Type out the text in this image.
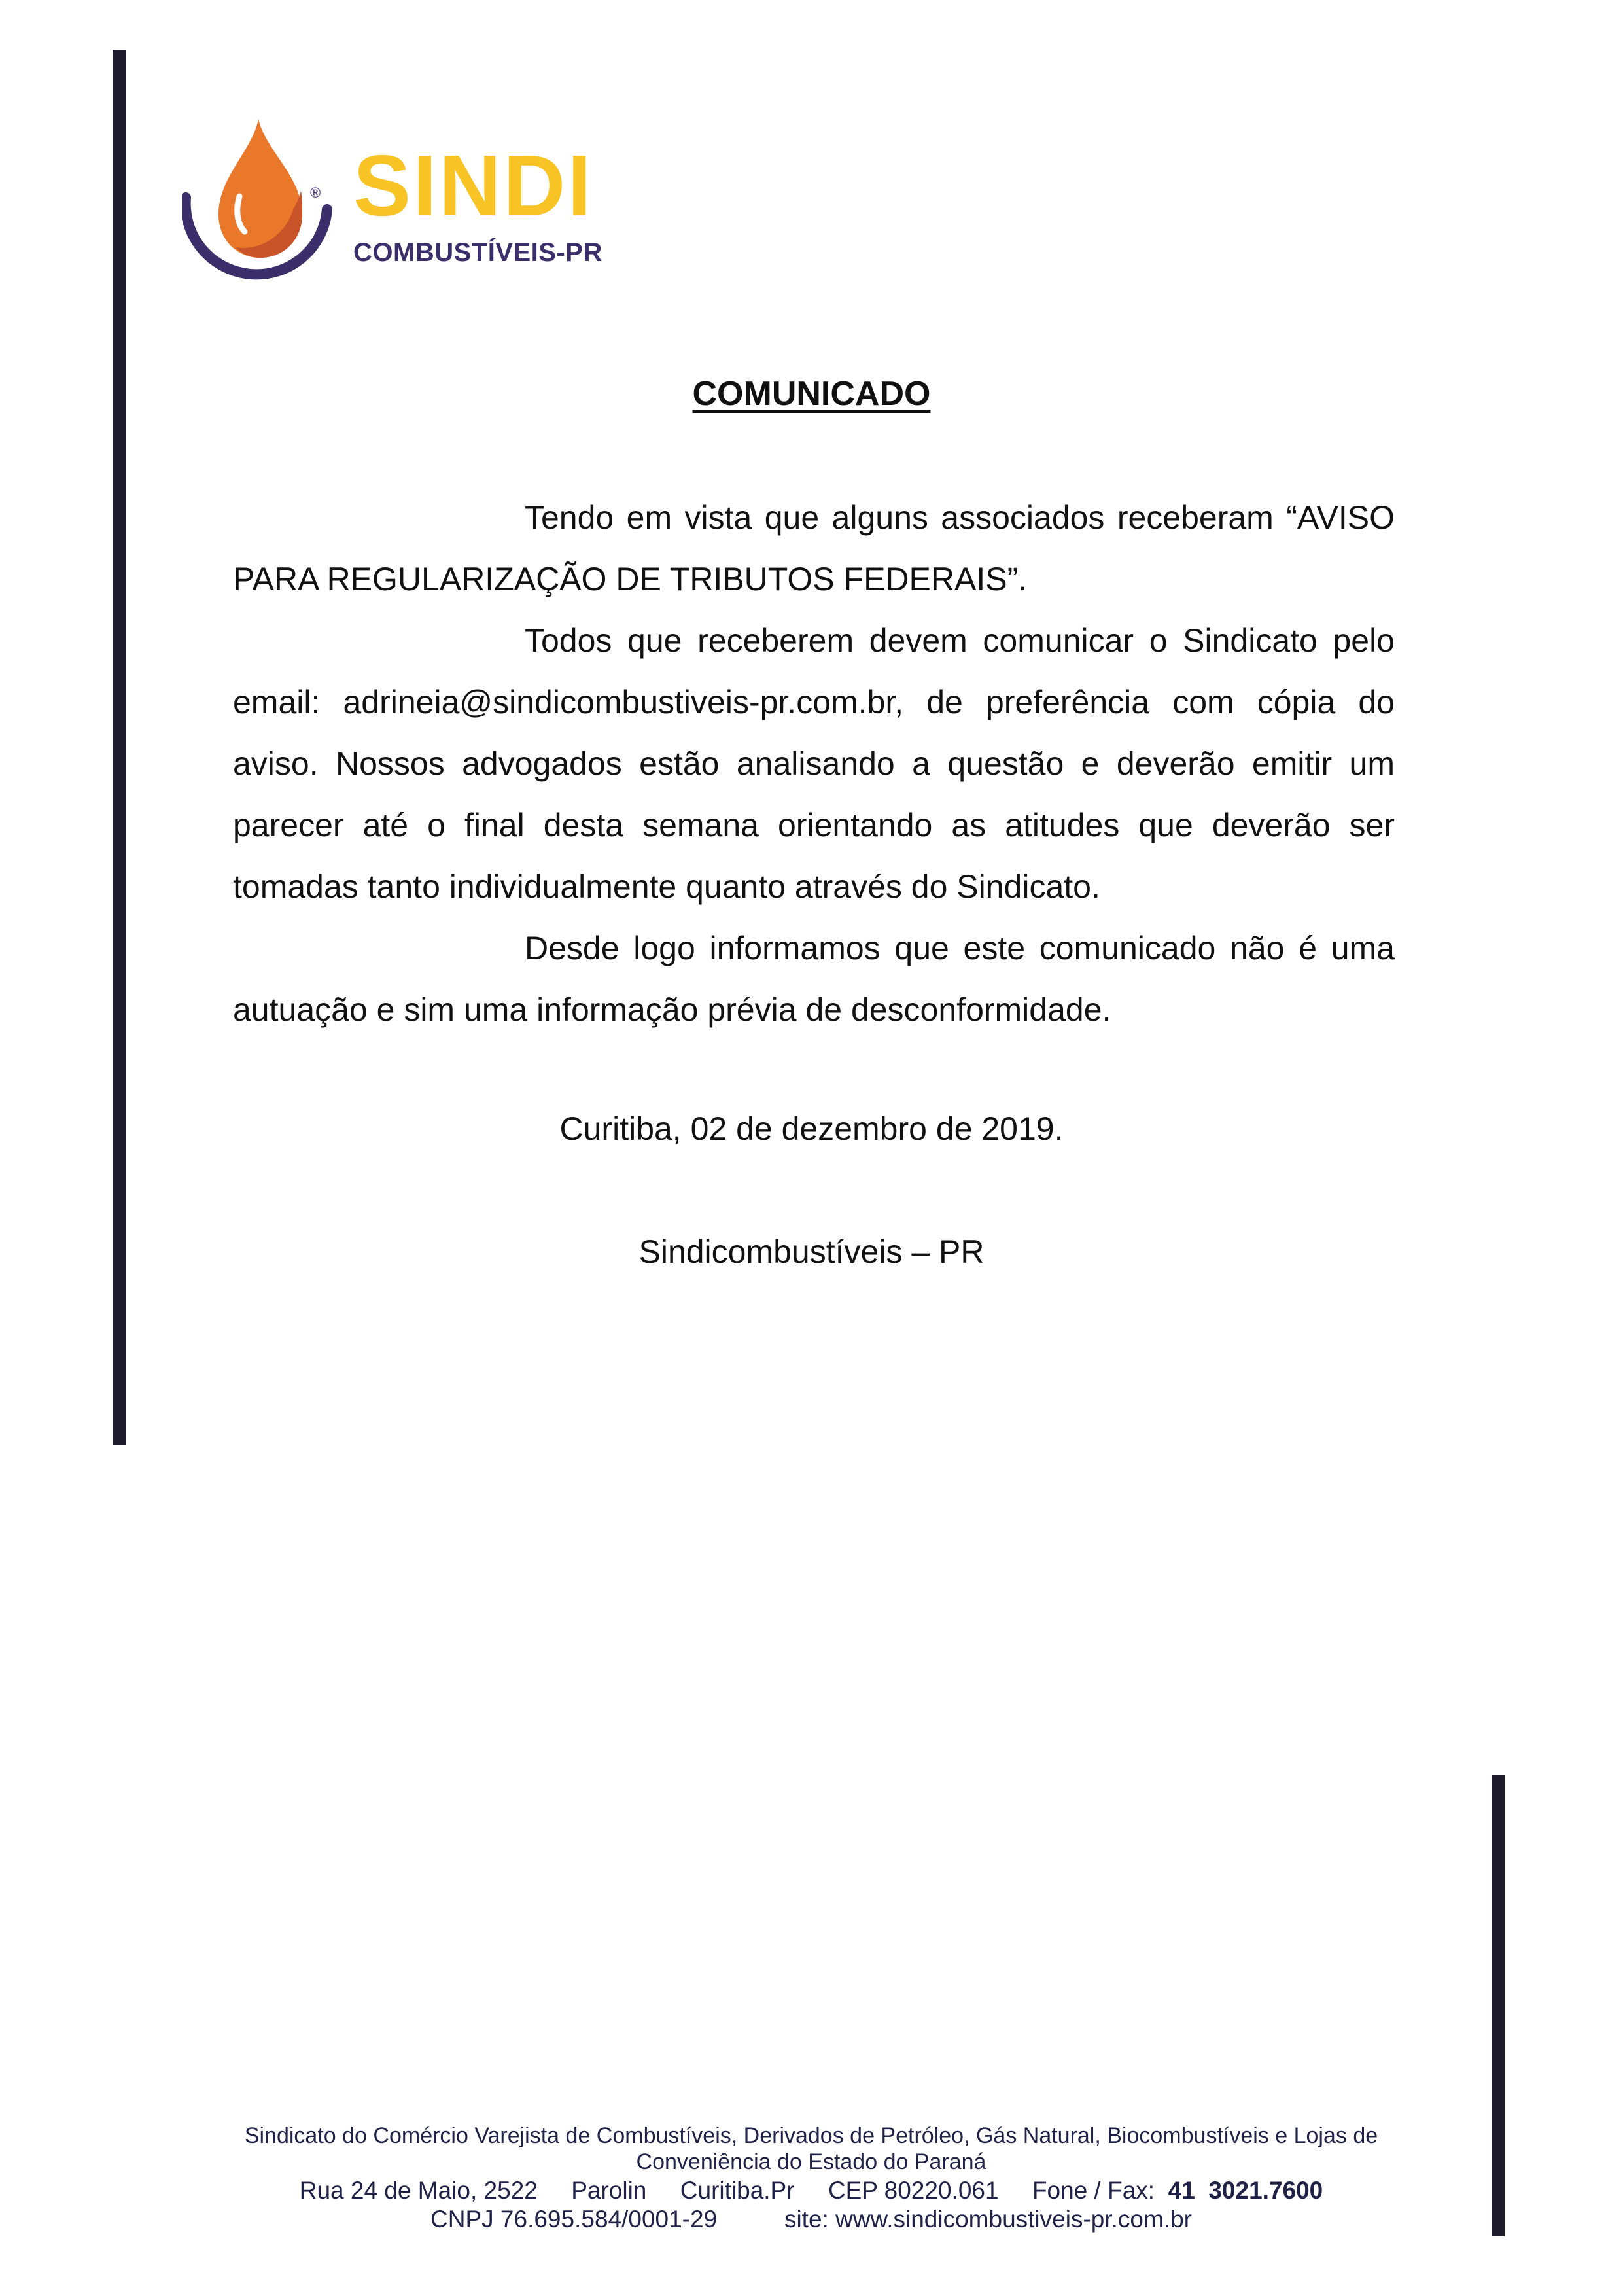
® SINDI
COMBUSTÍVEIS-PR
COMUNICADO

Tendo em vista que alguns associados receberam “AVISO PARA REGULARIZAÇÃO DE TRIBUTOS FEDERAIS”.

Todos que receberem devem comunicar o Sindicato pelo email: adrineia@sindicombustiveis-pr.com.br, de preferência com cópia do aviso. Nossos advogados estão analisando a questão e deverão emitir um parecer até o final desta semana orientando as atitudes que deverão ser tomadas tanto individualmente quanto através do Sindicato.

Desde logo informamos que este comunicado não é uma autuação e sim uma informação prévia de desconformidade.

Curitiba, 02 de dezembro de 2019.
Sindicombustíveis – PR
Sindicato do Comércio Varejista de Combustíveis, Derivados de Petróleo, Gás Natural, Biocombustíveis e Lojas de Conveniência do Estado do Paraná
Rua 24 de Maio, 2522     Parolin     Curitiba.Pr     CEP 80220.061     Fone / Fax:  41  3021.7600
CNPJ 76.695.584/0001-29          site: www.sindicombustiveis-pr.com.br
